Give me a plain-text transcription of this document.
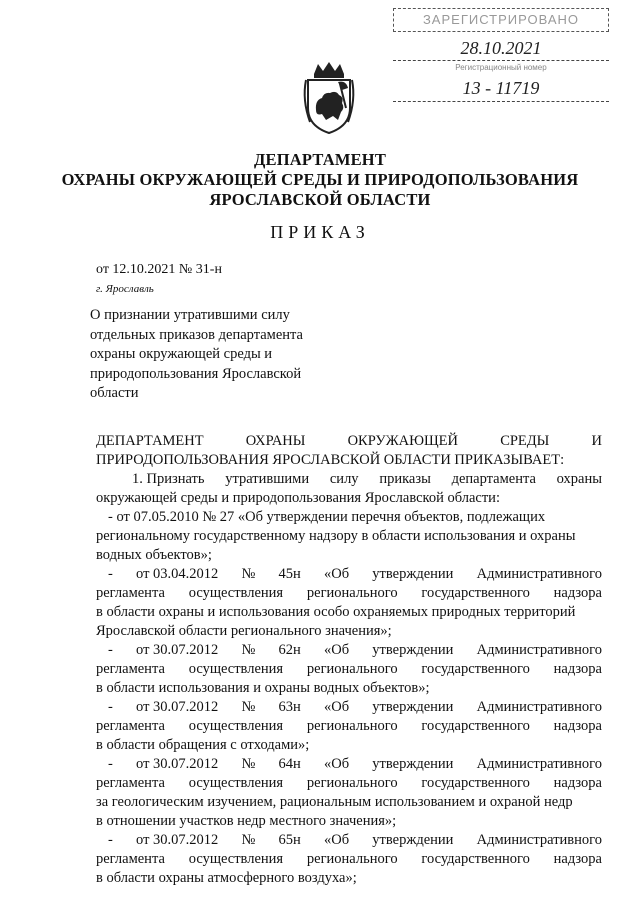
ЗАРЕГИСТРИРОВАНО
28.10.2021
Регистрационный номер
13 - 11719
ДЕПАРТАМЕНТ
ОХРАНЫ ОКРУЖАЮЩЕЙ СРЕДЫ И ПРИРОДОПОЛЬЗОВАНИЯ
ЯРОСЛАВСКОЙ ОБЛАСТИ
ПРИКАЗ
от 12.10.2021 № 31-н
г. Ярославль
О признании утратившими силу
отдельных приказов департамента
охраны окружающей среды и
природопользования Ярославской
области
ДЕПАРТАМЕНТ	ОХРАНЫ	ОКРУЖАЮЩЕЙ	СРЕДЫ	И
ПРИРОДОПОЛЬЗОВАНИЯ ЯРОСЛАВСКОЙ ОБЛАСТИ ПРИКАЗЫВАЕТ:
1. Признать утратившими силу приказы департамента охраны
окружающей среды и природопользования Ярославской области:
- от 07.05.2010 № 27 «Об утверждении перечня объектов, подлежащих
региональному государственному надзору в области использования и охраны
водных объектов»;
- от 03.04.2012 № 45н «Об утверждении Административного
регламента осуществления регионального государственного надзора
в области охраны и использования особо охраняемых природных территорий
Ярославской области регионального значения»;
- от 30.07.2012 № 62н «Об утверждении Административного
регламента осуществления регионального государственного надзора
в области использования и охраны водных объектов»;
- от 30.07.2012 № 63н «Об утверждении Административного
регламента осуществления регионального государственного надзора
в области обращения с отходами»;
- от 30.07.2012 № 64н «Об утверждении Административного
регламента осуществления регионального государственного надзора
за геологическим изучением, рациональным использованием и охраной недр
в отношении участков недр местного значения»;
- от 30.07.2012 № 65н «Об утверждении Административного
регламента осуществления регионального государственного надзора
в области охраны атмосферного воздуха»;
